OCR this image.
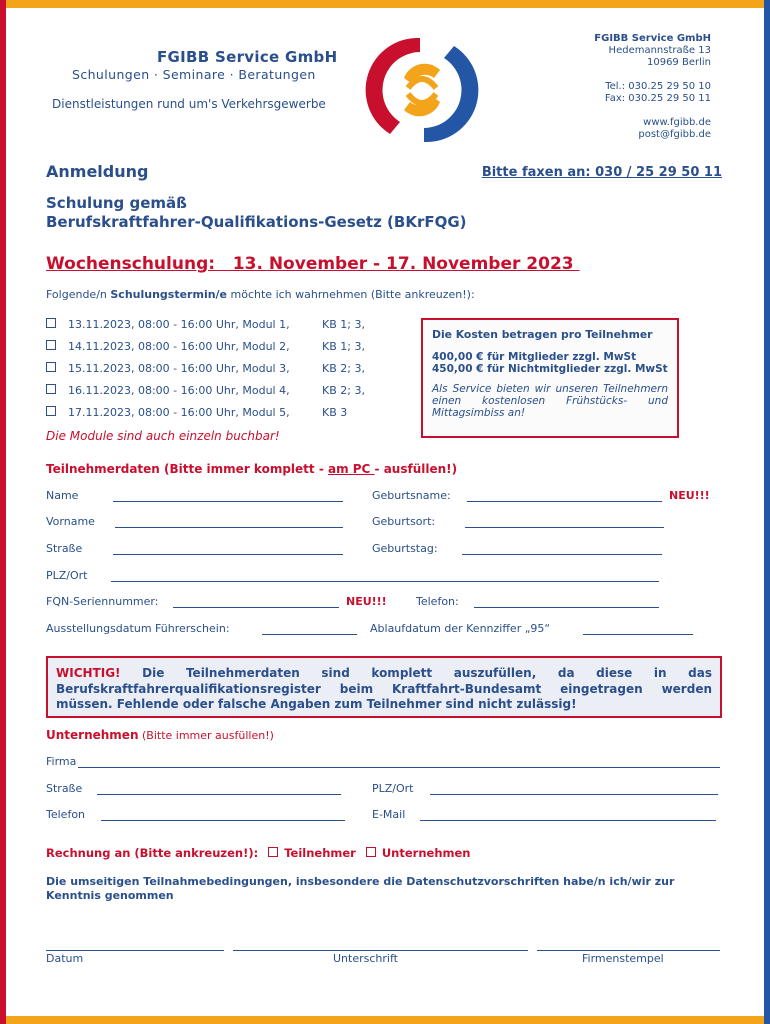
FGIBB Service GmbH
Schulungen · Seminare · Beratungen
Dienstleistungen rund um's Verkehrsgewerbe
FGIBB Service GmbH
Hedemannstraße 13
10969 Berlin
Tel.: 030.25 29 50 10
Fax: 030.25 29 50 11
www.fgibb.de
post@fgibb.de
Anmeldung	Bitte faxen an: 030 / 25 29 50 11
Schulung gemäß
Berufskraftfahrer-Qualifikations-Gesetz (BKrFQG)
Wochenschulung:   13. November - 17. November 2023
Folgende/n Schulungstermin/e möchte ich wahrnehmen (Bitte ankreuzen!):
13.11.2023, 08:00 - 16:00 Uhr, Modul 1,	KB 1; 3,
14.11.2023, 08:00 - 16:00 Uhr, Modul 2,	KB 1; 3,
15.11.2023, 08:00 - 16:00 Uhr, Modul 3,	KB 2; 3,
16.11.2023, 08:00 - 16:00 Uhr, Modul 4,	KB 2; 3,
17.11.2023, 08:00 - 16:00 Uhr, Modul 5,	KB 3
Die Module sind auch einzeln buchbar!
Die Kosten betragen pro Teilnehmer
400,00 € für Mitglieder zzgl. MwSt
450,00 € für Nichtmitglieder zzgl. MwSt
Als Service bieten wir unseren Teilnehmern einen kostenlosen Frühstücks- und Mittagsimbiss an!
Teilnehmerdaten (Bitte immer komplett - am PC - ausfüllen!)
Name	Geburtsname:	NEU!!!
Vorname	Geburtsort:
Straße	Geburtstag:
PLZ/Ort
FQN-Seriennummer:	NEU!!!	Telefon:
Ausstellungsdatum Führerschein:	Ablaufdatum der Kennziffer „95“
WICHTIG! Die Teilnehmerdaten sind komplett auszufüllen, da diese in das Berufskraftfahrerqualifikationsregister beim Kraftfahrt-Bundesamt eingetragen werden müssen. Fehlende oder falsche Angaben zum Teilnehmer sind nicht zulässig!
Unternehmen (Bitte immer ausfüllen!)
Firma
Straße	PLZ/Ort
Telefon	E-Mail
Rechnung an (Bitte ankreuzen!): Teilnehmer Unternehmen
Die umseitigen Teilnahmebedingungen, insbesondere die Datenschutzvorschriften habe/n ich/wir zur Kenntnis genommen
Datum	Unterschrift	Firmenstempel
